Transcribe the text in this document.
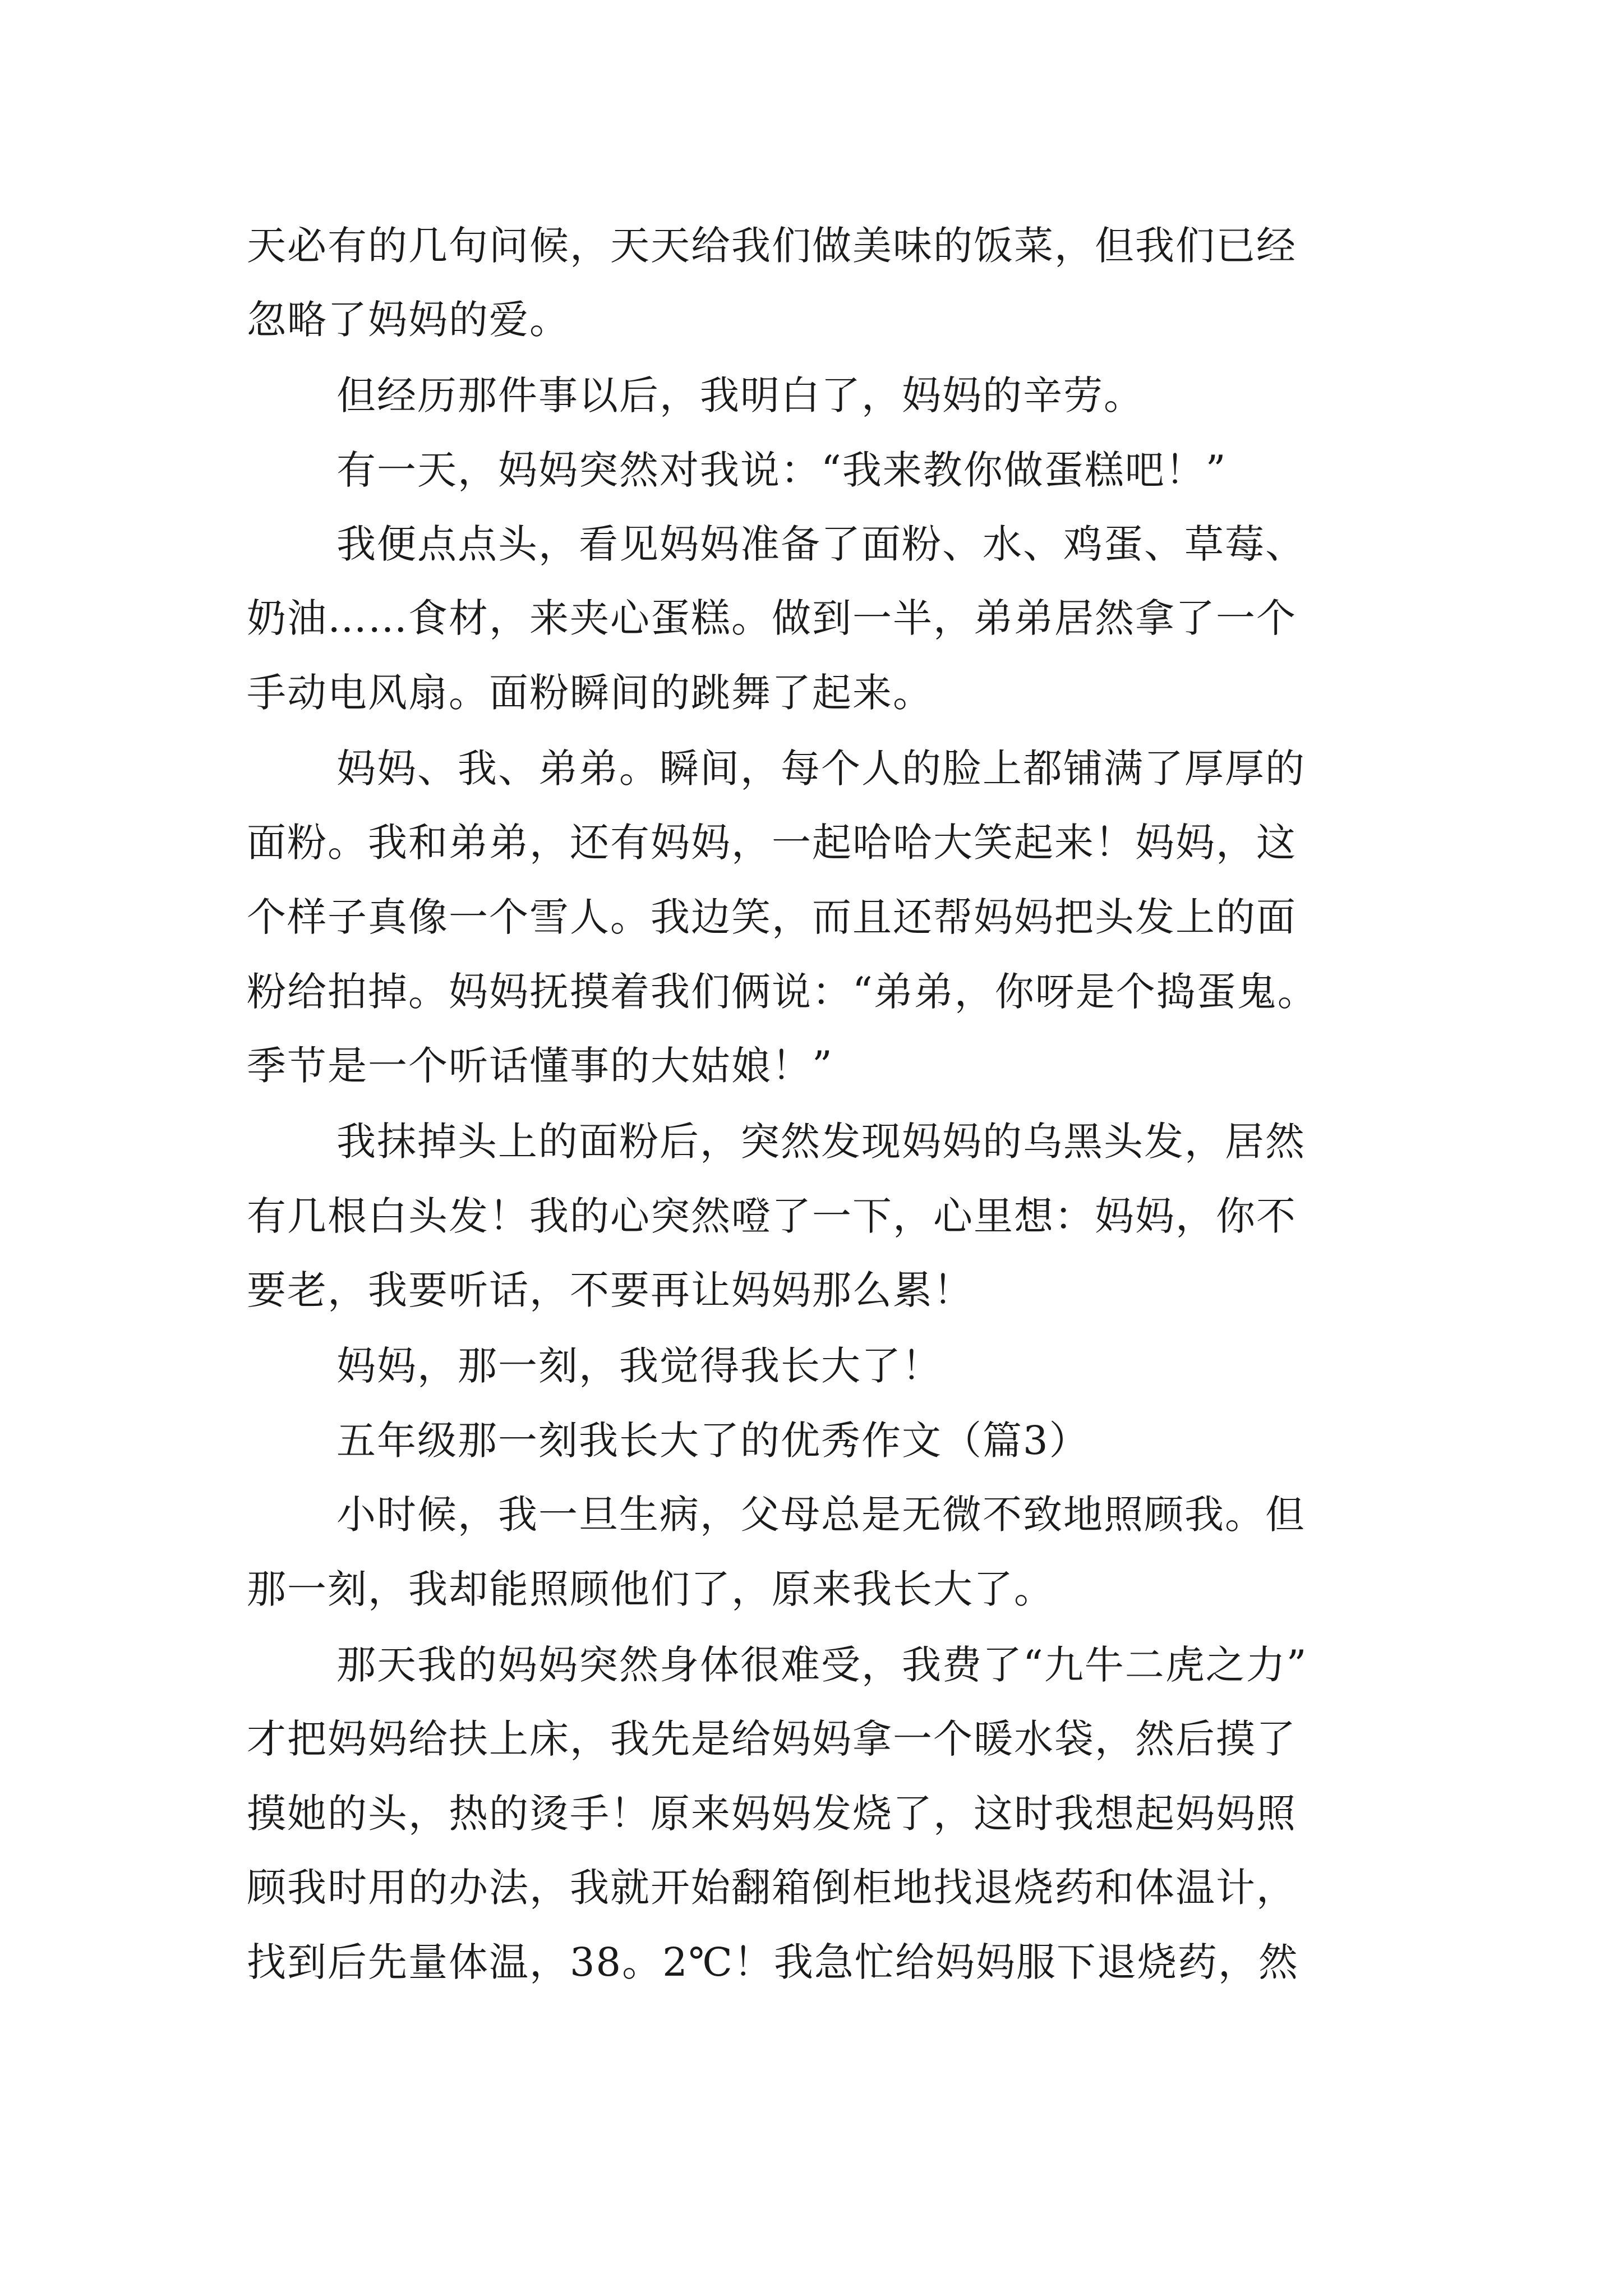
天必有的几句问候，天天给我们做美味的饭菜，但我们已经
忽略了妈妈的爱。
但经历那件事以后，我明白了，妈妈的辛劳。
有一天，妈妈突然对我说：“我来教你做蛋糕吧！”
我便点点头，看见妈妈准备了面粉、水、鸡蛋、草莓、
奶油……食材，来夹心蛋糕。做到一半，弟弟居然拿了一个
手动电风扇。面粉瞬间的跳舞了起来。
妈妈、我、弟弟。瞬间，每个人的脸上都铺满了厚厚的
面粉。我和弟弟，还有妈妈，一起哈哈大笑起来！妈妈，这
个样子真像一个雪人。我边笑，而且还帮妈妈把头发上的面
粉给拍掉。妈妈抚摸着我们俩说：“弟弟，你呀是个捣蛋鬼。
季节是一个听话懂事的大姑娘！”
我抹掉头上的面粉后，突然发现妈妈的乌黑头发，居然
有几根白头发！我的心突然噔了一下，心里想：妈妈，你不
要老，我要听话，不要再让妈妈那么累！
妈妈，那一刻，我觉得我长大了！
五年级那一刻我长大了的优秀作文（篇3）
小时候，我一旦生病，父母总是无微不致地照顾我。但
那一刻，我却能照顾他们了，原来我长大了。
那天我的妈妈突然身体很难受，我费了“九牛二虎之力”
才把妈妈给扶上床，我先是给妈妈拿一个暖水袋，然后摸了
摸她的头，热的烫手！原来妈妈发烧了，这时我想起妈妈照
顾我时用的办法，我就开始翻箱倒柜地找退烧药和体温计，
找到后先量体温，38。2℃！我急忙给妈妈服下退烧药，然
